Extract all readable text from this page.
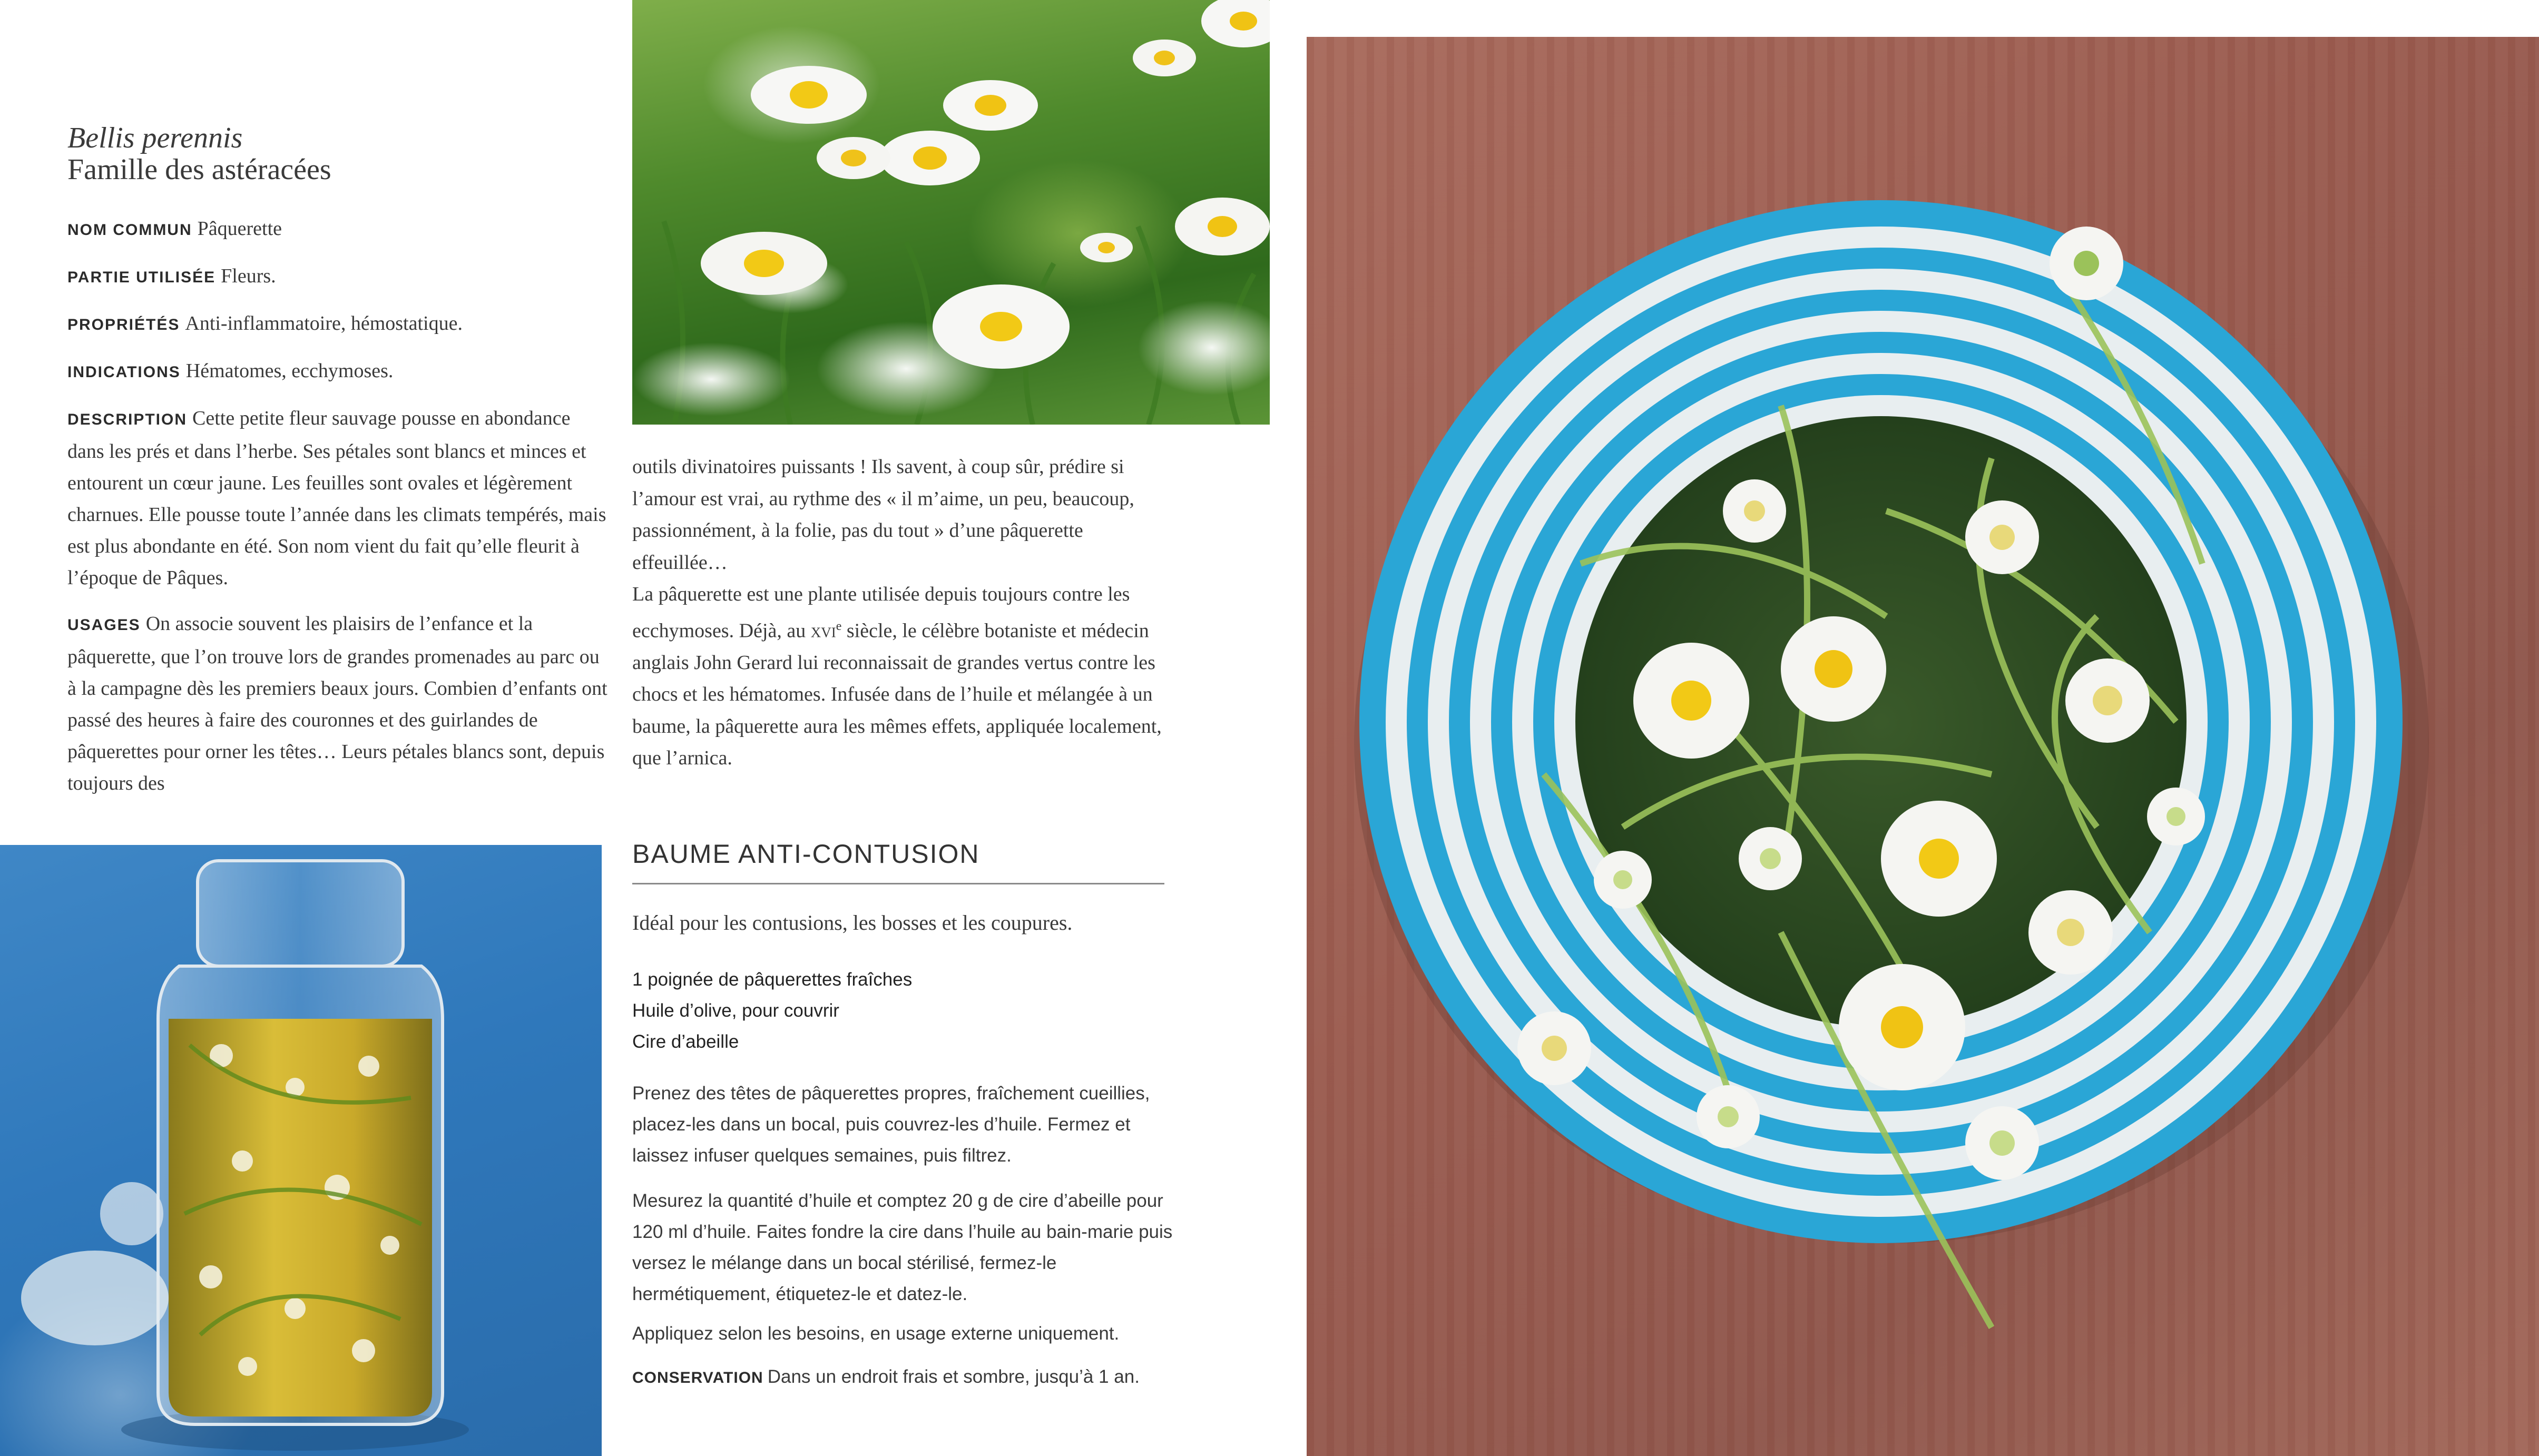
Bellis perennis
Famille des astéracées
NOM COMMUN Pâquerette
PARTIE UTILISÉE Fleurs.
PROPRIÉTÉS Anti-inflammatoire, hémostatique.
INDICATIONS Hématomes, ecchymoses.
DESCRIPTION Cette petite fleur sauvage pousse en abondance dans les prés et dans l’herbe. Ses pétales sont blancs et minces et entourent un cœur jaune. Les feuilles sont ovales et légèrement charnues. Elle pousse toute l’année dans les climats tempérés, mais est plus abondante en été. Son nom vient du fait qu’elle fleurit à l’époque de Pâques.
USAGES On associe souvent les plaisirs de l’enfance et la pâquerette, que l’on trouve lors de grandes promenades au parc ou à la campagne dès les premiers beaux jours. Combien d’enfants ont passé des heures à faire des couronnes et des guirlandes de pâquerettes pour orner les têtes… Leurs pétales blancs sont, depuis toujours des

outils divinatoires puissants ! Ils savent, à coup sûr, prédire si l’amour est vrai, au rythme des « il m’aime, un peu, beaucoup, passionnément, à la folie, pas du tout » d’une pâquerette effeuillée…

La pâquerette est une plante utilisée depuis toujours contre les ecchymoses. Déjà, au xvi$^e$ siècle, le célèbre botaniste et médecin anglais John Gerard lui reconnaissait de grandes vertus contre les chocs et les hématomes. Infusée dans de l’huile et mélangée à un baume, la pâquerette aura les mêmes effets, appliquée localement, que l’arnica.

BAUME ANTI-CONTUSION
Idéal pour les contusions, les bosses et les coupures.
1 poignée de pâquerettes fraîches
Huile d’olive, pour couvrir
Cire d’abeille
Prenez des têtes de pâquerettes propres, fraîchement cueillies, placez-les dans un bocal, puis couvrez-les d’huile. Fermez et laissez infuser quelques semaines, puis filtrez.
Mesurez la quantité d’huile et comptez 20 g de cire d’abeille pour 120 ml d’huile. Faites fondre la cire dans l’huile au bain-marie puis versez le mélange dans un bocal stérilisé, fermez-le hermétiquement, étiquetez-le et datez-le.
Appliquez selon les besoins, en usage externe uniquement.
CONSERVATION Dans un endroit frais et sombre, jusqu’à 1 an.
